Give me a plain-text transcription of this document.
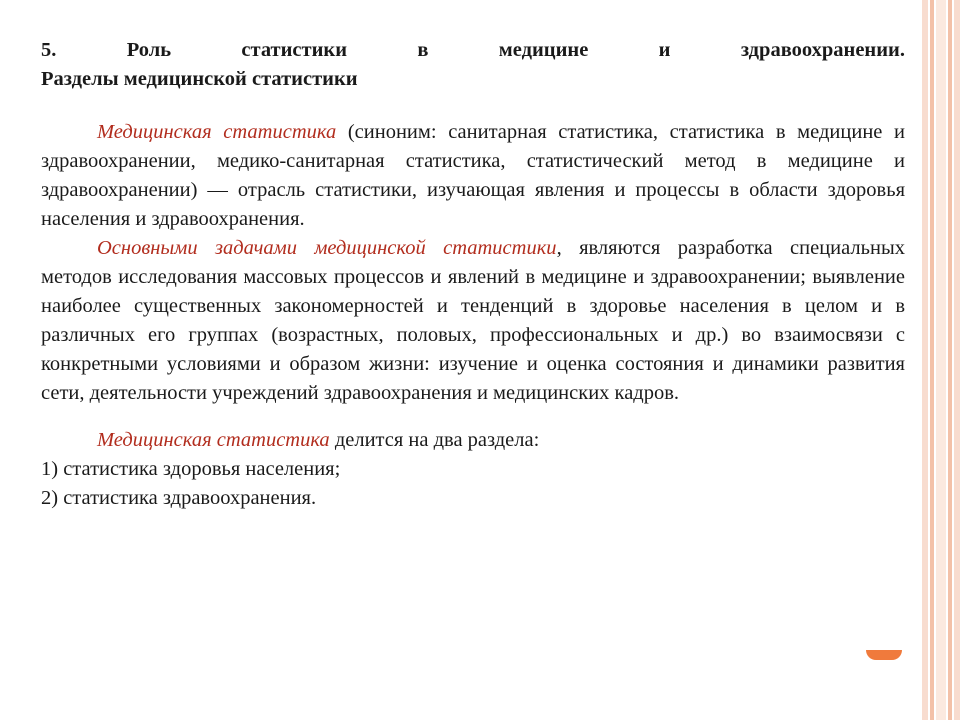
5. Роль статистики в медицине и здравоохранении.

Разделы медицинской статистики

Медицинская статистика (синоним: санитарная статистика, статистика в медицине и здравоохранении, медико-санитарная статистика, статистический метод в медицине и здравоохранении) — отрасль статистики, изучающая явления и процессы в области здоровья населения и здравоохранения.

Основными задачами медицинской статистики, являются разработка специальных методов исследования массовых процессов и явлений в медицине и здравоохранении; выявление наиболее существенных закономерностей и тенденций в здоровье населения в целом и в различных его группах (возрастных, половых, профессиональных и др.) во взаимосвязи с конкретными условиями и образом жизни: изучение и оценка состояния и динамики развития сети, деятельности учреждений здравоохранения и медицинских кадров.

Медицинская статистика делится на два раздела:

1) статистика здоровья населения;

2) статистика здравоохранения.
